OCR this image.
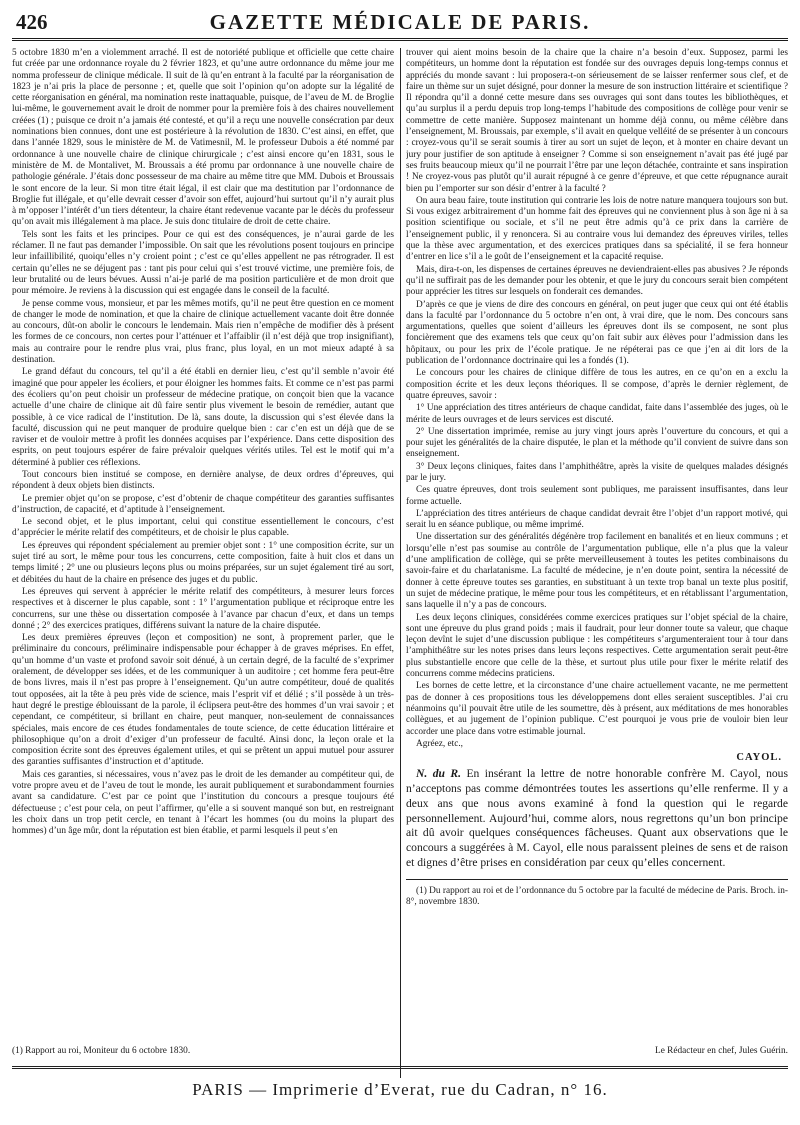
426	GAZETTE MÉDICALE DE PARIS.

5 octobre 1830 m’en a violemment arraché. Il est de notoriété publique et officielle que cette chaire fut créée par une ordonnance royale du 2 février 1823, et qu’une autre ordonnance du même jour me nomma professeur de clinique médicale. Il suit de là qu’en entrant à la faculté par la réorganisation de 1823 je n’ai pris la place de personne ; et, quelle que soit l’opinion qu’on adopte sur la légalité de cette réorganisation en général, ma nomination reste inattaquable, puisque, de l’aveu de M. de Broglie lui-même, le gouvernement avait le droit de nommer pour la première fois à des chaires nouvellement créées (1) ; puisque ce droit n’a jamais été contesté, et qu’il a reçu une nouvelle consécration par deux nominations bien connues, dont une est postérieure à la révolution de 1830. C’est ainsi, en effet, que dans l’année 1829, sous le ministère de M. de Vatimesnil, M. le professeur Dubois a été nommé par ordonnance à une nouvelle chaire de clinique chirurgicale ; c’est ainsi encore qu’en 1831, sous le ministère de M. de Montalivet, M. Broussais a été promu par ordonnance à une nouvelle chaire de pathologie générale. J’étais donc possesseur de ma chaire au même titre que MM. Dubois et Broussais le sont encore de la leur. Si mon titre était légal, il est clair que ma destitution par l’ordonnance de Broglie fut illégale, et qu’elle devrait cesser d’avoir son effet, aujourd’hui surtout qu’il n’y aurait plus à m’opposer l’intérêt d’un tiers détenteur, la chaire étant redevenue vacante par le décès du professeur qu’on avait mis illégalement à ma place. Je suis donc titulaire de droit de cette chaire.

Tels sont les faits et les principes. Pour ce qui est des conséquences, je n’aurai garde de les réclamer. Il ne faut pas demander l’impossible. On sait que les révolutions posent toujours en principe leur infaillibilité, quoiqu’elles n’y croient point ; c’est ce qu’elles appellent ne pas rétrograder. Il est certain qu’elles ne se déjugent pas : tant pis pour celui qui s’est trouvé victime, une première fois, de leur brutalité ou de leurs bévues. Aussi n’ai-je parlé de ma position particulière et de mon droit que pour mémoire. Je reviens à la discussion qui est engagée dans le conseil de la faculté.

Je pense comme vous, monsieur, et par les mêmes motifs, qu’il ne peut être question en ce moment de changer le mode de nomination, et que la chaire de clinique actuellement vacante doit être donnée au concours, dût-on abolir le concours le lendemain. Mais rien n’empêche de modifier dès à présent les formes de ce concours, non certes pour l’atténuer et l’affaiblir (il n’est déjà que trop insignifiant), mais au contraire pour le rendre plus vrai, plus franc, plus loyal, en un mot mieux adapté à sa destination.

Le grand défaut du concours, tel qu’il a été établi en dernier lieu, c’est qu’il semble n’avoir été imaginé que pour appeler les écoliers, et pour éloigner les hommes faits. Et comme ce n’est pas parmi des écoliers qu’on peut choisir un professeur de médecine pratique, on conçoit bien que la vacance actuelle d’une chaire de clinique ait dû faire sentir plus vivement le besoin de remédier, autant que possible, à ce vice radical de l’institution. De là, sans doute, la discussion qui s’est élevée dans la faculté, discussion qui ne peut manquer de produire quelque bien : car c’en est un déjà que de se raviser et de vouloir mettre à profit les données acquises par l’expérience. Dans cette disposition des esprits, on peut toujours espérer de faire prévaloir quelques vérités utiles. Tel est le motif qui m’a déterminé à publier ces réflexions.

Tout concours bien institué se compose, en dernière analyse, de deux ordres d’épreuves, qui répondent à deux objets bien distincts.

Le premier objet qu’on se propose, c’est d’obtenir de chaque compétiteur des garanties suffisantes d’instruction, de capacité, et d’aptitude à l’enseignement.

Le second objet, et le plus important, celui qui constitue essentiellement le concours, c’est d’apprécier le mérite relatif des compétiteurs, et de choisir le plus capable.

Les épreuves qui répondent spécialement au premier objet sont : 1° une composition écrite, sur un sujet tiré au sort, le même pour tous les concurrens, cette composition, faite à huit clos et dans un temps limité ; 2° une ou plusieurs leçons plus ou moins préparées, sur un sujet également tiré au sort, et débitées du haut de la chaire en présence des juges et du public.

Les épreuves qui servent à apprécier le mérite relatif des compétiteurs, à mesurer leurs forces respectives et à discerner le plus capable, sont : 1° l’argumentation publique et réciproque entre les concurrens, sur une thèse ou dissertation composée à l’avance par chacun d’eux, et dans un temps donné ; 2° des exercices pratiques, différens suivant la nature de la chaire disputée.

Les deux premières épreuves (leçon et composition) ne sont, à proprement parler, que le préliminaire du concours, préliminaire indispensable pour échapper à de graves méprises. En effet, qu’un homme d’un vaste et profond savoir soit dénué, à un certain degré, de la faculté de s’exprimer oralement, de développer ses idées, et de les communiquer à un auditoire ; cet homme fera peut-être de bons livres, mais il n’est pas propre à l’enseignement. Qu’un autre compétiteur, doué de qualités tout opposées, ait la tête à peu près vide de science, mais l’esprit vif et délié ; s’il possède à un très-haut degré le prestige éblouissant de la parole, il éclipsera peut-être des hommes d’un vrai savoir ; et cependant, ce compétiteur, si brillant en chaire, peut manquer, non-seulement de connaissances spéciales, mais encore de ces études fondamentales de toute science, de cette éducation littéraire et philosophique qu’on a droit d’exiger d’un professeur de faculté. Ainsi donc, la leçon orale et la composition écrite sont des épreuves également utiles, et qui se prêtent un appui mutuel pour assurer des garanties suffisantes d’instruction et d’aptitude.

Mais ces garanties, si nécessaires, vous n’avez pas le droit de les demander au compétiteur qui, de votre propre aveu et de l’aveu de tout le monde, les aurait publiquement et surabondamment fournies avant sa candidature. C’est par ce point que l’institution du concours a presque toujours été défectueuse ; c’est pour cela, on peut l’affirmer, qu’elle a si souvent manqué son but, en restreignant les choix dans un trop petit cercle, en tenant à l’écart les hommes (ou du moins la plupart des hommes) d’un âge mûr, dont la réputation est bien établie, et parmi lesquels il peut s’en

trouver qui aient moins besoin de la chaire que la chaire n’a besoin d’eux. Supposez, parmi les compétiteurs, un homme dont la réputation est fondée sur des ouvrages depuis long-temps connus et appréciés du monde savant : lui proposera-t-on sérieusement de se laisser renfermer sous clef, et de faire un thème sur un sujet désigné, pour donner la mesure de son instruction littéraire et scientifique ? Il répondra qu’il a donné cette mesure dans ses ouvrages qui sont dans toutes les bibliothèques, et qu’au surplus il a perdu depuis trop long-temps l’habitude des compositions de collège pour venir se commettre de cette manière. Supposez maintenant un homme déjà connu, ou même célèbre dans l’enseignement, M. Broussais, par exemple, s’il avait en quelque velléité de se présenter à un concours : croyez-vous qu’il se serait soumis à tirer au sort un sujet de leçon, et à monter en chaire devant un jury pour justifier de son aptitude à enseigner ? Comme si son enseignement n’avait pas été jugé par ses fruits beaucoup mieux qu’il ne pourrait l’être par une leçon détachée, contrainte et sans inspiration ! Ne croyez-vous pas plutôt qu’il aurait répugné à ce genre d’épreuve, et que cette répugnance aurait bien pu l’emporter sur son désir d’entrer à la faculté ?

On aura beau faire, toute institution qui contrarie les lois de notre nature manquera toujours son but. Si vous exigez arbitrairement d’un homme fait des épreuves qui ne conviennent plus à son âge ni à sa position scientifique ou sociale, et s’il ne peut être admis qu’à ce prix dans la carrière de l’enseignement public, il y renoncera. Si au contraire vous lui demandez des épreuves viriles, telles que la thèse avec argumentation, et des exercices pratiques dans sa spécialité, il se fera honneur d’entrer en lice s’il a le goût de l’enseignement et la capacité requise.

Mais, dira-t-on, les dispenses de certaines épreuves ne deviendraient-elles pas abusives ? Je réponds qu’il ne suffirait pas de les demander pour les obtenir, et que le jury du concours serait bien compétent pour apprécier les titres sur lesquels on fonderait ces demandes.

D’après ce que je viens de dire des concours en général, on peut juger que ceux qui ont été établis dans la faculté par l’ordonnance du 5 octobre n’en ont, à vrai dire, que le nom. Des concours sans argumentations, quelles que soient d’ailleurs les épreuves dont ils se composent, ne sont plus foncièrement que des examens tels que ceux qu’on fait subir aux élèves pour l’admission dans les hôpitaux, ou pour les prix de l’école pratique. Je ne répéterai pas ce que j’en ai dit lors de la publication de l’ordonnance doctrinaire qui les a fondés (1).

Le concours pour les chaires de clinique diffère de tous les autres, en ce qu’on en a exclu la composition écrite et les deux leçons théoriques. Il se compose, d’après le dernier règlement, de quatre épreuves, savoir :

1° Une appréciation des titres antérieurs de chaque candidat, faite dans l’assemblée des juges, où le mérite de leurs ouvrages et de leurs services est discuté.

2° Une dissertation imprimée, remise au jury vingt jours après l’ouverture du concours, et qui a pour sujet les généralités de la chaire disputée, le plan et la méthode qu’il convient de suivre dans son enseignement.

3° Deux leçons cliniques, faites dans l’amphithéâtre, après la visite de quelques malades désignés par le jury.

Ces quatre épreuves, dont trois seulement sont publiques, me paraissent insuffisantes, dans leur forme actuelle.

L’appréciation des titres antérieurs de chaque candidat devrait être l’objet d’un rapport motivé, qui serait lu en séance publique, ou même imprimé.

Une dissertation sur des généralités dégénère trop facilement en banalités et en lieux communs ; et lorsqu’elle n’est pas soumise au contrôle de l’argumentation publique, elle n’a plus que la valeur d’une amplification de collège, qui se prête merveilleusement à toutes les petites combinaisons du savoir-faire et du charlatanisme. La faculté de médecine, je n’en doute point, sentira la nécessité de donner à cette épreuve toutes ses garanties, en substituant à un texte trop banal un texte plus positif, un sujet de médecine pratique, le même pour tous les compétiteurs, et en rétablissant l’argumentation, sans laquelle il n’y a pas de concours.

Les deux leçons cliniques, considérées comme exercices pratiques sur l’objet spécial de la chaire, sont une épreuve du plus grand poids ; mais il faudrait, pour leur donner toute sa valeur, que chaque leçon devînt le sujet d’une discussion publique : les compétiteurs s’argumenteraient tour à tour dans l’amphithéâtre sur les notes prises dans leurs leçons respectives. Cette argumentation serait peut-être plus substantielle encore que celle de la thèse, et surtout plus utile pour fixer le mérite relatif des concurrens comme médecins praticiens.

Les bornes de cette lettre, et la circonstance d’une chaire actuellement vacante, ne me permettent pas de donner à ces propositions tous les développemens dont elles seraient susceptibles. J’ai cru néanmoins qu’il pouvait être utile de les soumettre, dès à présent, aux méditations de mes honorables collègues, et au jugement de l’opinion publique. C’est pourquoi je vous prie de vouloir bien leur accorder une place dans votre estimable journal.

Agréez, etc.,

CAYOL.

N. du R. En insérant la lettre de notre honorable confrère M. Cayol, nous n’acceptons pas comme démontrées toutes les assertions qu’elle renferme. Il y a deux ans que nous avons examiné à fond la question qui le regarde personnellement. Aujourd’hui, comme alors, nous regrettons qu’un bon principe ait dû avoir quelques conséquences fâcheuses. Quant aux observations que le concours a suggérées à M. Cayol, elle nous paraissent pleines de sens et de raison et dignes d’être prises en considération par ceux qu’elles concernent.

(1) Du rapport au roi et de l’ordonnance du 5 octobre par la faculté de médecine de Paris. Broch. in-8°, novembre 1830.

(1) Rapport au roi, Moniteur du 6 octobre 1830.	Le Rédacteur en chef, Jules Guérin.
PARIS — Imprimerie d’Everat, rue du Cadran, n° 16.
